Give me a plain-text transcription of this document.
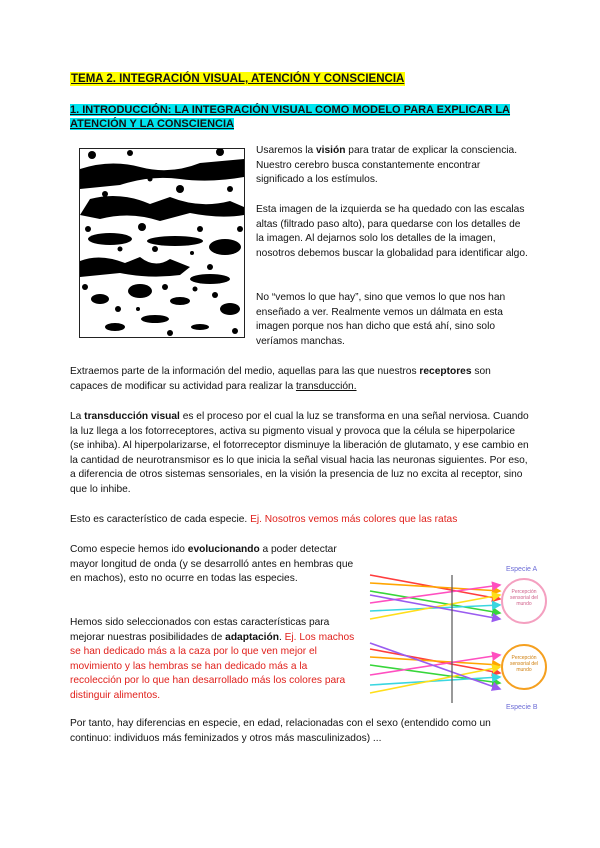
TEMA 2. INTEGRACIÓN VISUAL, ATENCIÓN Y CONSCIENCIA
1. INTRODUCCIÓN: LA INTEGRACIÓN VISUAL COMO MODELO PARA EXPLICAR LA ATENCIÓN Y LA CONSCIENCIA

Usaremos la visión para tratar de explicar la consciencia. Nuestro cerebro busca constantemente encontrar significado a los estímulos.

Esta imagen de la izquierda se ha quedado con las escalas altas (filtrado paso alto), para quedarse con los detalles de la imagen. Al dejarnos solo los detalles de la imagen, nosotros debemos buscar la globalidad para identificar algo.

No “vemos lo que hay”, sino que vemos lo que nos han enseñado a ver. Realmente vemos un dálmata en esta imagen porque nos han dicho que está ahí, sino solo veríamos manchas.

Extraemos parte de la información del medio, aquellas para las que nuestros receptores son capaces de modificar su actividad para realizar la transducción.

La transducción visual es el proceso por el cual la luz se transforma en una señal nerviosa. Cuando la luz llega a los fotorreceptores, activa su pigmento visual y provoca que la célula se hiperpolarice (se inhiba). Al hiperpolarizarse, el fotorreceptor disminuye la liberación de glutamato, y ese cambio en la cantidad de neurotransmisor es lo que inicia la señal visual hacia las neuronas siguientes. Por eso, a diferencia de otros sistemas sensoriales, en la visión la presencia de luz no excita al receptor, sino que lo inhibe.

Esto es característico de cada especie. Ej. Nosotros vemos más colores que las ratas

Como especie hemos ido evolucionando a poder detectar mayor longitud de onda (y se desarrolló antes en hembras que en machos), esto no ocurre en todas las especies.

Hemos sido seleccionados con estas características para mejorar nuestras posibilidades de adaptación. Ej. Los machos se han dedicado más a la caza por lo que ven mejor el movimiento y las hembras se han dedicado más a la recolección por lo que han desarrollado más los colores para distinguir alimentos.

Por tanto, hay diferencias en especie, en edad, relacionadas con el sexo (entendido como un continuo: individuos más feminizados y otros más masculinizados) ...

Especie A
Especie B
Percepción sensorial del mundo
Percepción sensorial del mundo
